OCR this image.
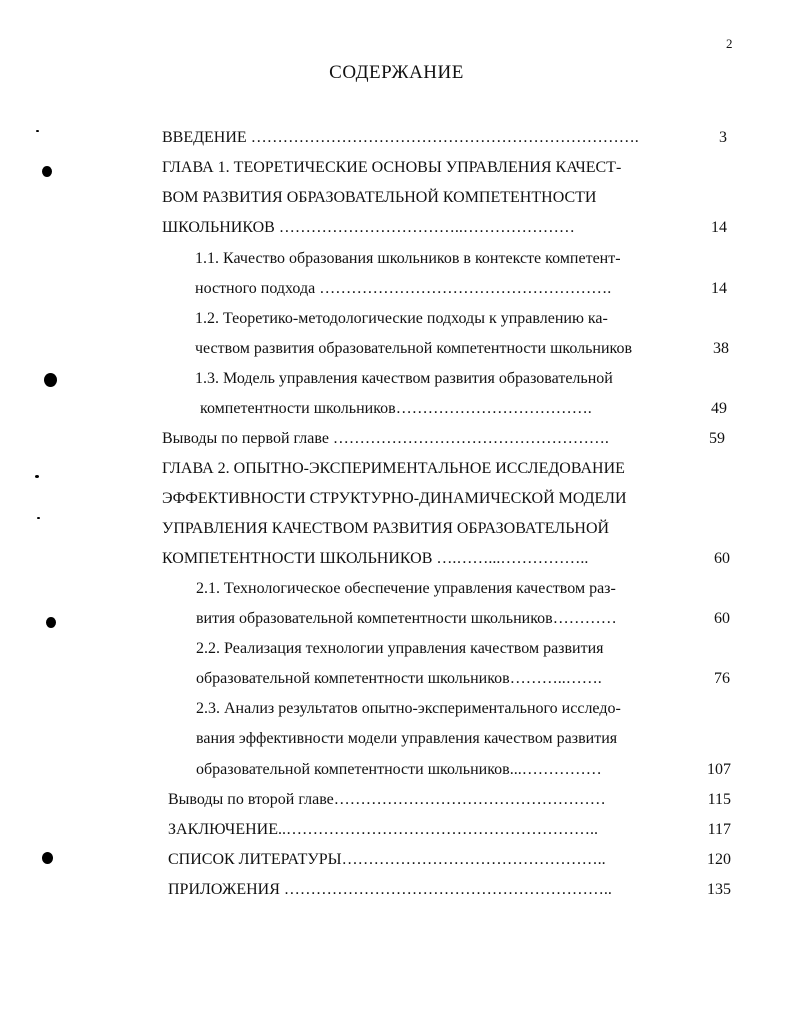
2
СОДЕРЖАНИЕ
ВВЕДЕНИЕ ……………………………………………………………….	3
ГЛАВА 1. ТЕОРЕТИЧЕСКИЕ ОСНОВЫ УПРАВЛЕНИЯ КАЧЕСТ-
ВОМ РАЗВИТИЯ ОБРАЗОВАТЕЛЬНОЙ КОМПЕТЕНТНОСТИ
ШКОЛЬНИКОВ ……………………………..…………………	14
1.1. Качество образования школьников в контексте компетент-
ностного подхода ……………………………………………….	14
1.2. Теоретико-методологические подходы к управлению ка-
чеством развития образовательной компетентности школьников	38
1.3. Модель управления качеством развития образовательной
компетентности школьников……………………………….	49
Выводы по первой главе …………………………………………….	59
ГЛАВА 2. ОПЫТНО-ЭКСПЕРИМЕНТАЛЬНОЕ ИССЛЕДОВАНИЕ
ЭФФЕКТИВНОСТИ СТРУКТУРНО-ДИНАМИЧЕСКОЙ МОДЕЛИ
УПРАВЛЕНИЯ КАЧЕСТВОМ РАЗВИТИЯ ОБРАЗОВАТЕЛЬНОЙ
КОМПЕТЕНТНОСТИ ШКОЛЬНИКОВ ….……...……………..	60
2.1. Технологическое обеспечение управления качеством раз-
вития образовательной компетентности школьников…………	60
2.2. Реализация технологии управления качеством развития
образовательной компетентности школьников………..…….	76
2.3. Анализ результатов опытно-экспериментального исследо-
вания эффективности модели управления качеством развития
образовательной компетентности школьников...……………	107
Выводы по второй главе……………………………………………	115
ЗАКЛЮЧЕНИЕ..…………………………………………………..	117
СПИСОК ЛИТЕРАТУРЫ…………………………………………..	120
ПРИЛОЖЕНИЯ ……………………………………………………..	135
